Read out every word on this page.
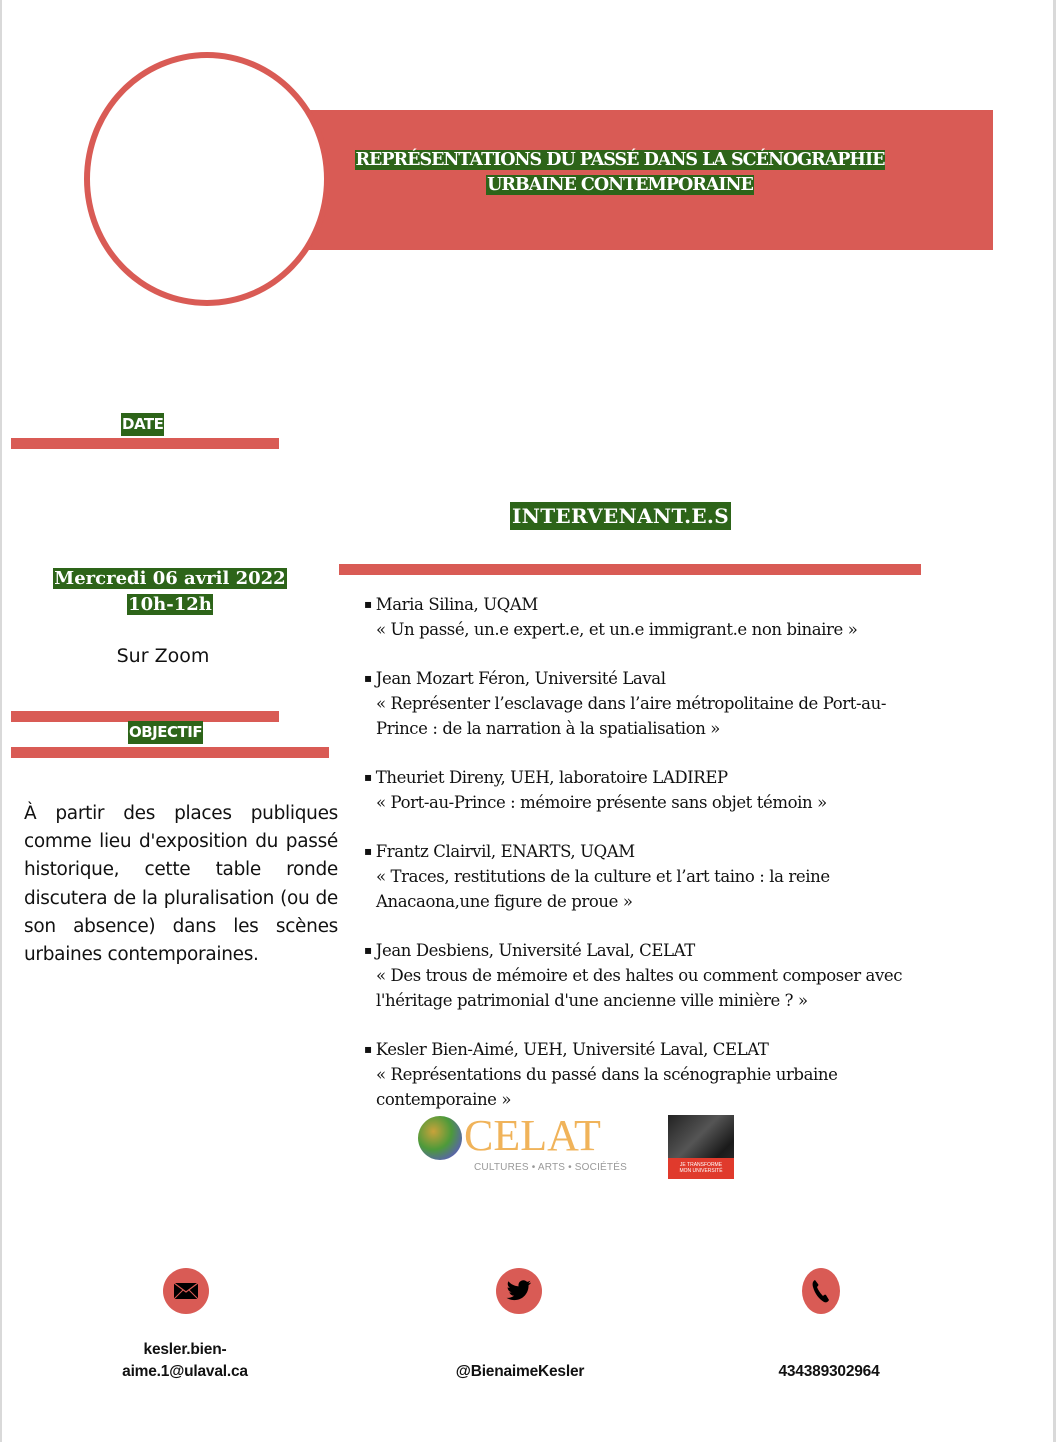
REPRÉSENTATIONS DU PASSÉ DANS LA SCÉNOGRAPHIE
URBAINE CONTEMPORAINE
DATE
Mercredi 06 avril 2022
10h-12h
Sur Zoom
OBJECTIF
À partir des places publiques comme lieu d'exposition du passé historique, cette table ronde discutera de la pluralisation (ou de son absence) dans les scènes urbaines contemporaines.
INTERVENANT.E.S
▪ Maria Silina, UQAM
« Un passé, un.e expert.e, et un.e immigrant.e non binaire »
▪ Jean Mozart Féron, Université Laval
« Représenter l’esclavage dans l’aire métropolitaine de Port-au-Prince : de la narration à la spatialisation »
▪ Theuriet Direny, UEH, laboratoire LADIREP
« Port-au-Prince : mémoire présente sans objet témoin »
▪ Frantz Clairvil, ENARTS, UQAM
« Traces, restitutions de la culture et l’art taino : la reine Anacaona,une figure de proue »
▪ Jean Desbiens, Université Laval, CELAT
« Des trous de mémoire et des haltes ou comment composer avec l'héritage patrimonial d'une ancienne ville minière ? »
▪ Kesler Bien-Aimé, UEH, Université Laval, CELAT
« Représentations du passé dans la scénographie urbaine contemporaine »
CELAT
CULTURES • ARTS • SOCIÉTÉS	JE TRANSFORME
MON UNIVERSITÉ
kesler.bien-
aime.1@ulaval.ca	@BienaimeKesler	434389302964
